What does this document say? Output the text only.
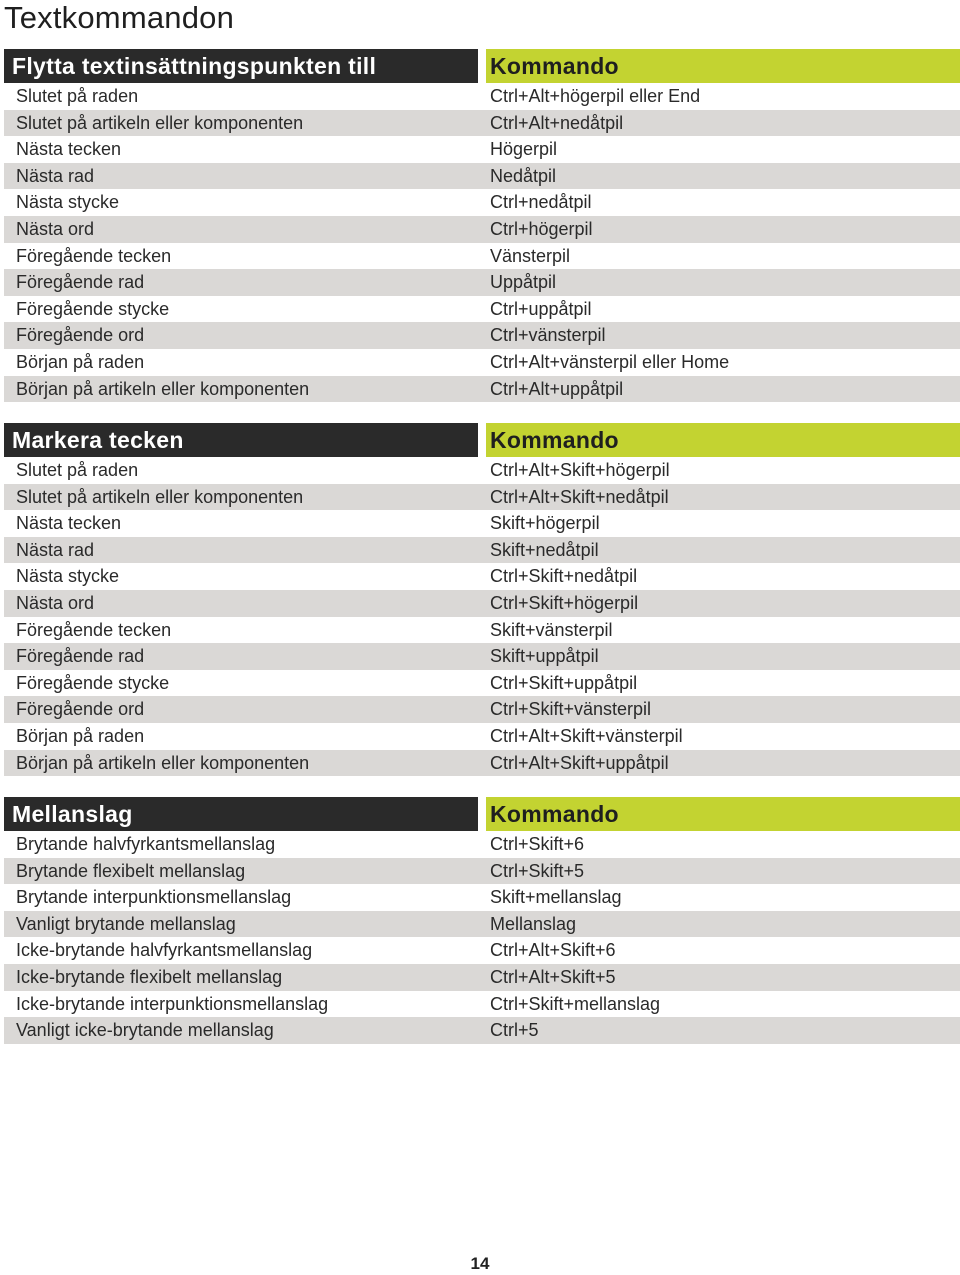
Textkommandon
Flytta textinsättningspunkten till	Kommando
Slutet på raden	Ctrl+Alt+högerpil eller End
Slutet på artikeln eller komponenten	Ctrl+Alt+nedåtpil
Nästa tecken	Högerpil
Nästa rad	Nedåtpil
Nästa stycke	Ctrl+nedåtpil
Nästa ord	Ctrl+högerpil
Föregående tecken	Vänsterpil
Föregående rad	Uppåtpil
Föregående stycke	Ctrl+uppåtpil
Föregående ord	Ctrl+vänsterpil
Början på raden	Ctrl+Alt+vänsterpil eller Home
Början på artikeln eller komponenten	Ctrl+Alt+uppåtpil
Markera tecken	Kommando
Slutet på raden	Ctrl+Alt+Skift+högerpil
Slutet på artikeln eller komponenten	Ctrl+Alt+Skift+nedåtpil
Nästa tecken	Skift+högerpil
Nästa rad	Skift+nedåtpil
Nästa stycke	Ctrl+Skift+nedåtpil
Nästa ord	Ctrl+Skift+högerpil
Föregående tecken	Skift+vänsterpil
Föregående rad	Skift+uppåtpil
Föregående stycke	Ctrl+Skift+uppåtpil
Föregående ord	Ctrl+Skift+vänsterpil
Början på raden	Ctrl+Alt+Skift+vänsterpil
Början på artikeln eller komponenten	Ctrl+Alt+Skift+uppåtpil
Mellanslag	Kommando
Brytande halvfyrkantsmellanslag	Ctrl+Skift+6
Brytande flexibelt mellanslag	Ctrl+Skift+5
Brytande interpunktionsmellanslag	Skift+mellanslag
Vanligt brytande mellanslag	Mellanslag
Icke-brytande halvfyrkantsmellanslag	Ctrl+Alt+Skift+6
Icke-brytande flexibelt mellanslag	Ctrl+Alt+Skift+5
Icke-brytande interpunktionsmellanslag	Ctrl+Skift+mellanslag
Vanligt icke-brytande mellanslag	Ctrl+5
14
